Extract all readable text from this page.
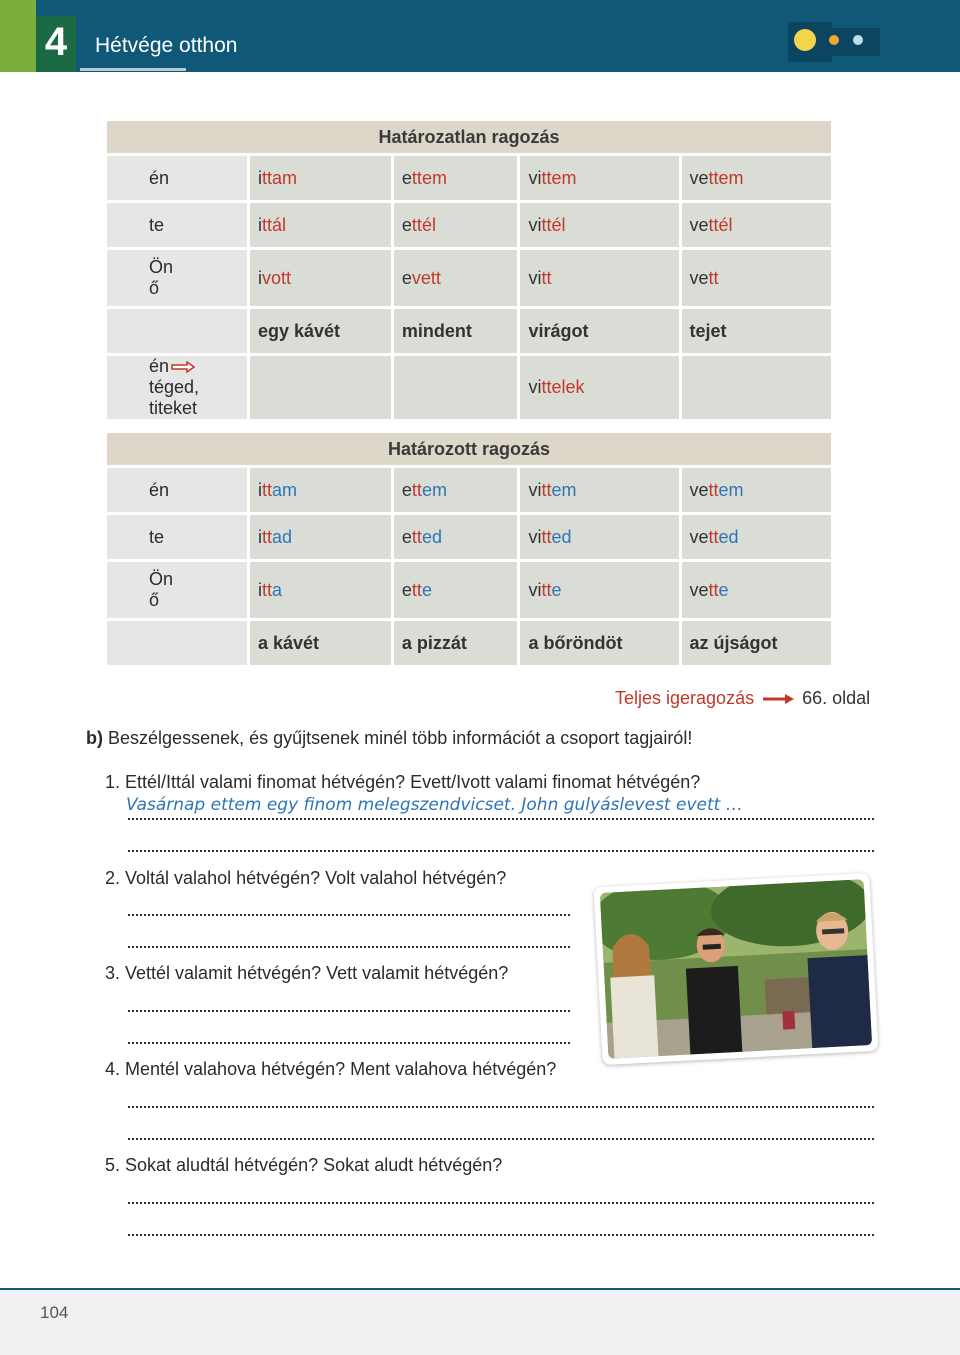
4	Hétvége otthon
Határozatlan ragozás				
én	ittam	ettem	vittem	vettem
te	ittál	ettél	vittél	vettél

Ön
ő	ivott	evett	vitt	vett
	egy kávét	mindent	virágot	tejet

éntéged,
titeket			vittelek	

Határozott ragozás				
én	ittam	ettem	vittem	vettem
te	ittad	etted	vitted	vetted

Ön
ő	itta	ette	vitte	vette
	a kávét	a pizzát	a bőröndöt	az újságot
Teljes igeragozás	66. oldal
b) Beszélgessenek, és gyűjtsenek minél több információt a csoport tagjairól!
1. Ettél/Ittál valami finomat hétvégén? Evett/Ivott valami finomat hétvégén?
Vasárnap ettem egy finom melegszendvicset. John gulyáslevest evett …
2. Voltál valahol hétvégén? Volt valahol hétvégén?
3. Vettél valamit hétvégén? Vett valamit hétvégén?
4. Mentél valahova hétvégén? Ment valahova hétvégén?
5. Sokat aludtál hétvégén? Sokat aludt hétvégén?
104
